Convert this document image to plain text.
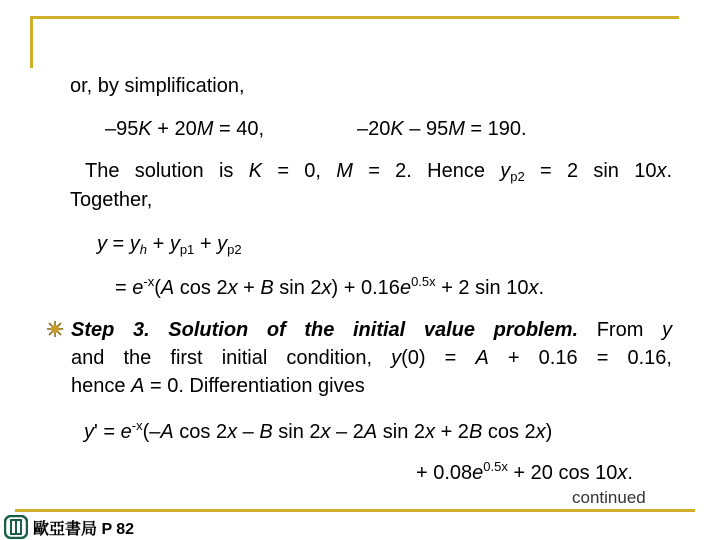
or, by simplification,
–95K + 20M = 40,	–20K – 95M = 190.
The solution is K = 0, M = 2. Hence $y_{p2} = 2$ sin 10x.
Together,
$y = y_h + y_{p1} + y_{p2}$
= $e^{-x}(A$ cos 2x + B $\sin 2x) + 0.16e^{0.5x} + 2$ sin 10x.
Step 3. Solution of the initial value problem. From y
and the first initial condition, y(0) = A + 0.16 = 0.16,
hence A = 0. Differentiation gives
$y' = e^{-x}(-A$ cos 2x – B sin 2x – 2A sin 2x + 2B cos 2x)
+ $0.08e^{0.5x} + 20$ cos 10x.
continued
歐亞書局 P 82
